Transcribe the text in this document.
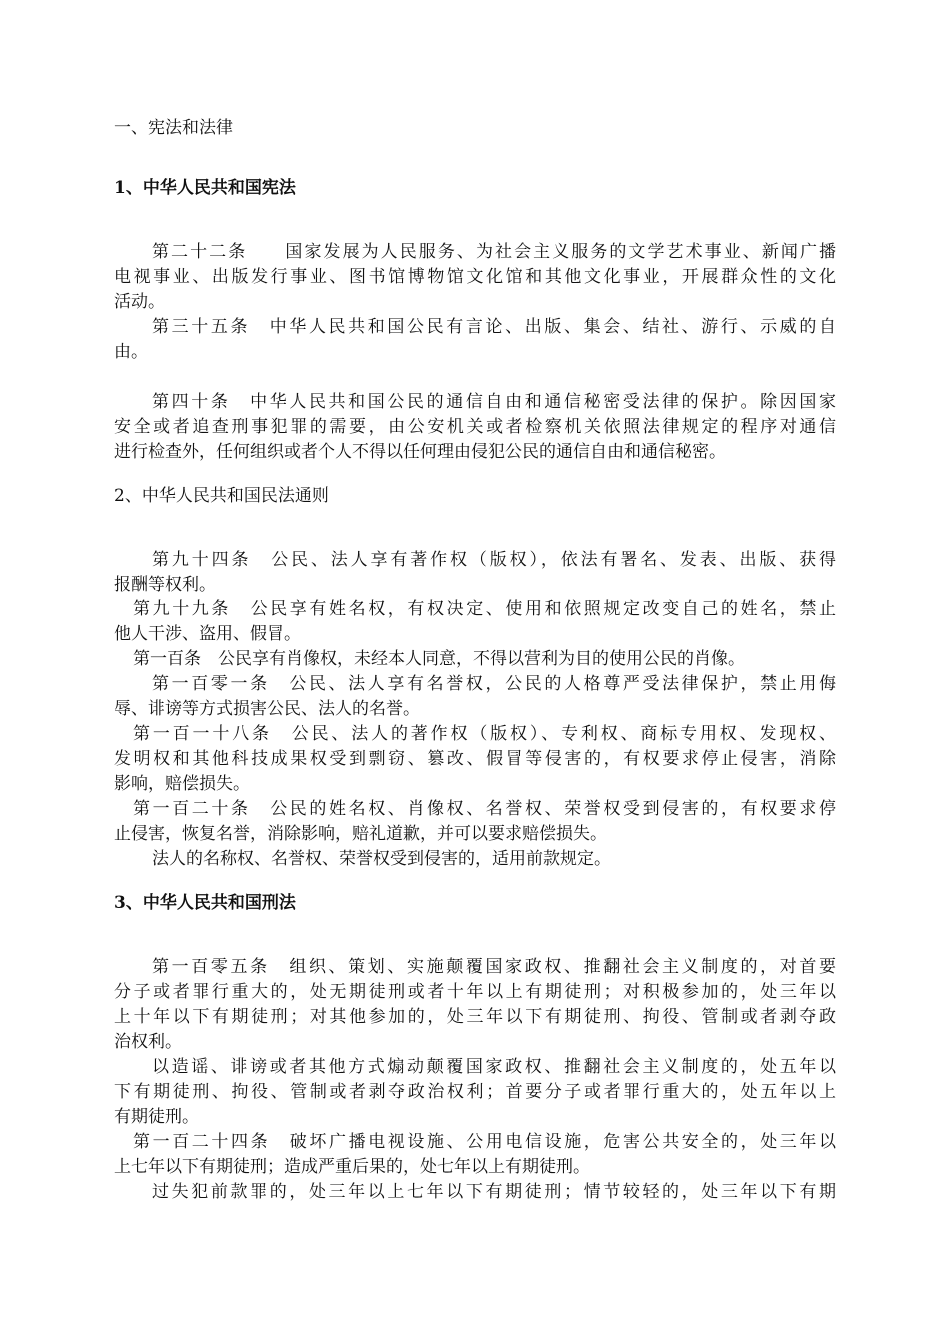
一、宪法和法律
1、中华人民共和国宪法
第二十二条　　国家发展为人民服务、为社会主义服务的文学艺术事业、新闻广播
电视事业、出版发行事业、图书馆博物馆文化馆和其他文化事业，开展群众性的文化
活动。
第三十五条　中华人民共和国公民有言论、出版、集会、结社、游行、示威的自
由。
第四十条　中华人民共和国公民的通信自由和通信秘密受法律的保护。除因国家
安全或者追查刑事犯罪的需要，由公安机关或者检察机关依照法律规定的程序对通信
进行检查外，任何组织或者个人不得以任何理由侵犯公民的通信自由和通信秘密。
2、中华人民共和国民法通则
第九十四条　公民、法人享有著作权（版权），依法有署名、发表、出版、获得
报酬等权利。
第九十九条　公民享有姓名权，有权决定、使用和依照规定改变自己的姓名，禁止
他人干涉、盗用、假冒。
第一百条　公民享有肖像权，未经本人同意，不得以营利为目的使用公民的肖像。
第一百零一条　公民、法人享有名誉权，公民的人格尊严受法律保护，禁止用侮
辱、诽谤等方式损害公民、法人的名誉。
第一百一十八条　公民、法人的著作权（版权）、专利权、商标专用权、发现权、
发明权和其他科技成果权受到剽窃、篡改、假冒等侵害的，有权要求停止侵害，消除
影响，赔偿损失。
第一百二十条　公民的姓名权、肖像权、名誉权、荣誉权受到侵害的，有权要求停
止侵害，恢复名誉，消除影响，赔礼道歉，并可以要求赔偿损失。
法人的名称权、名誉权、荣誉权受到侵害的，适用前款规定。
3、中华人民共和国刑法
第一百零五条　组织、策划、实施颠覆国家政权、推翻社会主义制度的，对首要
分子或者罪行重大的，处无期徒刑或者十年以上有期徒刑；对积极参加的，处三年以
上十年以下有期徒刑；对其他参加的，处三年以下有期徒刑、拘役、管制或者剥夺政
治权利。
以造谣、诽谤或者其他方式煽动颠覆国家政权、推翻社会主义制度的，处五年以
下有期徒刑、拘役、管制或者剥夺政治权利；首要分子或者罪行重大的，处五年以上
有期徒刑。
第一百二十四条　破坏广播电视设施、公用电信设施，危害公共安全的，处三年以
上七年以下有期徒刑；造成严重后果的，处七年以上有期徒刑。
过失犯前款罪的，处三年以上七年以下有期徒刑；情节较轻的，处三年以下有期
